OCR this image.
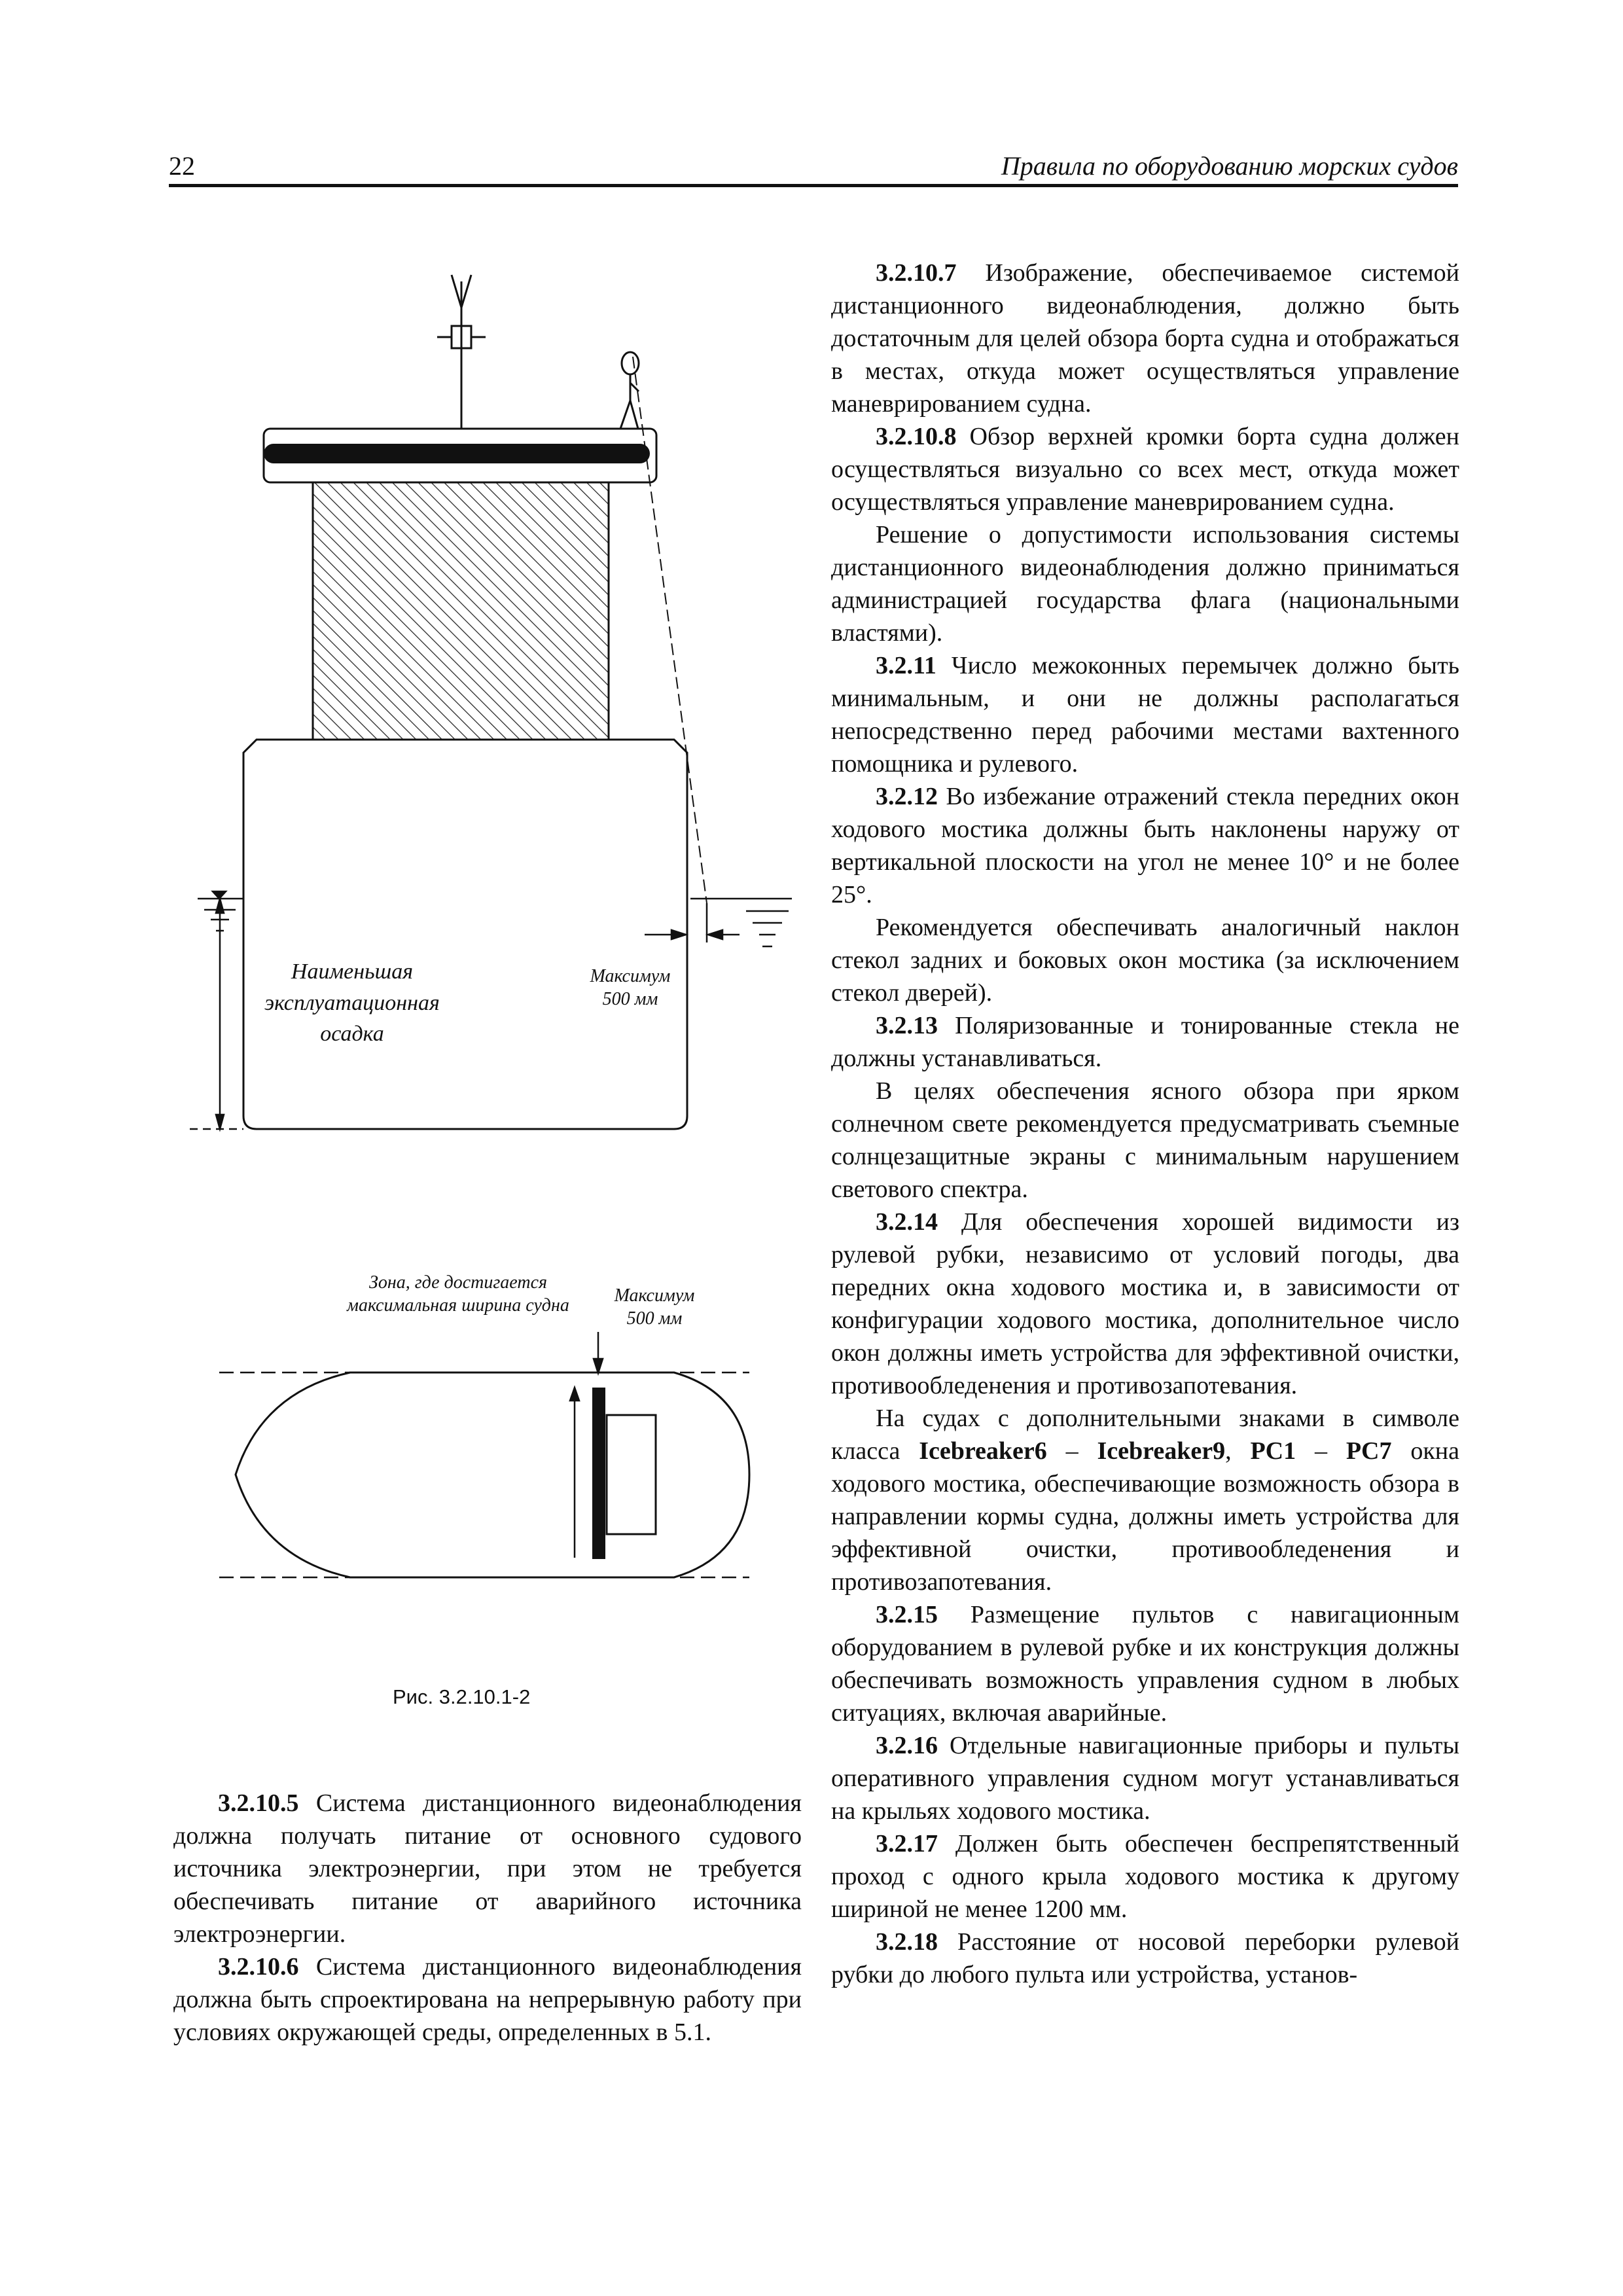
22	Правила по оборудованию морских судов
Наименьшая
эксплуатационная
осадка
Максимум
500 мм
Зона, где достигается
максимальная ширина судна Максимум
500 мм
Рис. 3.2.10.1-2

3.2.10.5 Система дистанционного видеонаблюдения должна получать питание от основного судового источника электроэнергии, при этом не требуется обеспечивать питание от аварийного источника электроэнергии.

3.2.10.6 Система дистанционного видеонаблюдения должна быть спроектирована на непрерывную работу при условиях окружающей среды, определенных в 5.1.

3.2.10.7 Изображение, обеспечиваемое системой дистанционного видеонаблюдения, должно быть достаточным для целей обзора борта судна и отображаться в местах, откуда может осуществляться управление маневрированием судна.

3.2.10.8 Обзор верхней кромки борта судна должен осуществляться визуально со всех мест, откуда может осуществляться управление маневрированием судна.

Решение о допустимости использования системы дистанционного видеонаблюдения должно приниматься администрацией государства флага (национальными властями).

3.2.11 Число межоконных перемычек должно быть минимальным, и они не должны располагаться непосредственно перед рабочими местами вахтенного помощника и рулевого.

3.2.12 Во избежание отражений стекла передних окон ходового мостика должны быть наклонены наружу от вертикальной плоскости на угол не менее 10° и не более 25°.

Рекомендуется обеспечивать аналогичный наклон стекол задних и боковых окон мостика (за исключением стекол дверей).

3.2.13 Поляризованные и тонированные стекла не должны устанавливаться.

В целях обеспечения ясного обзора при ярком солнечном свете рекомендуется предусматривать съемные солнцезащитные экраны с минимальным нарушением светового спектра.

3.2.14 Для обеспечения хорошей видимости из рулевой рубки, независимо от условий погоды, два передних окна ходового мостика и, в зависимости от конфигурации ходового мостика, дополнительное число окон должны иметь устройства для эффективной очистки, противообледенения и противозапотевания.

На судах с дополнительными знаками в символе класса Icebreaker6 – Icebreaker9, PC1 – PC7 окна ходового мостика, обеспечивающие возможность обзора в направлении кормы судна, должны иметь устройства для эффективной очистки, противообледенения и противозапотевания.

3.2.15 Размещение пультов с навигационным оборудованием в рулевой рубке и их конструкция должны обеспечивать возможность управления судном в любых ситуациях, включая аварийные.

3.2.16 Отдельные навигационные приборы и пульты оперативного управления судном могут устанавливаться на крыльях ходового мостика.

3.2.17 Должен быть обеспечен беспрепятственный проход с одного крыла ходового мостика к другому шириной не менее 1200 мм.

3.2.18 Расстояние от носовой переборки рулевой рубки до любого пульта или устройства, установ-
